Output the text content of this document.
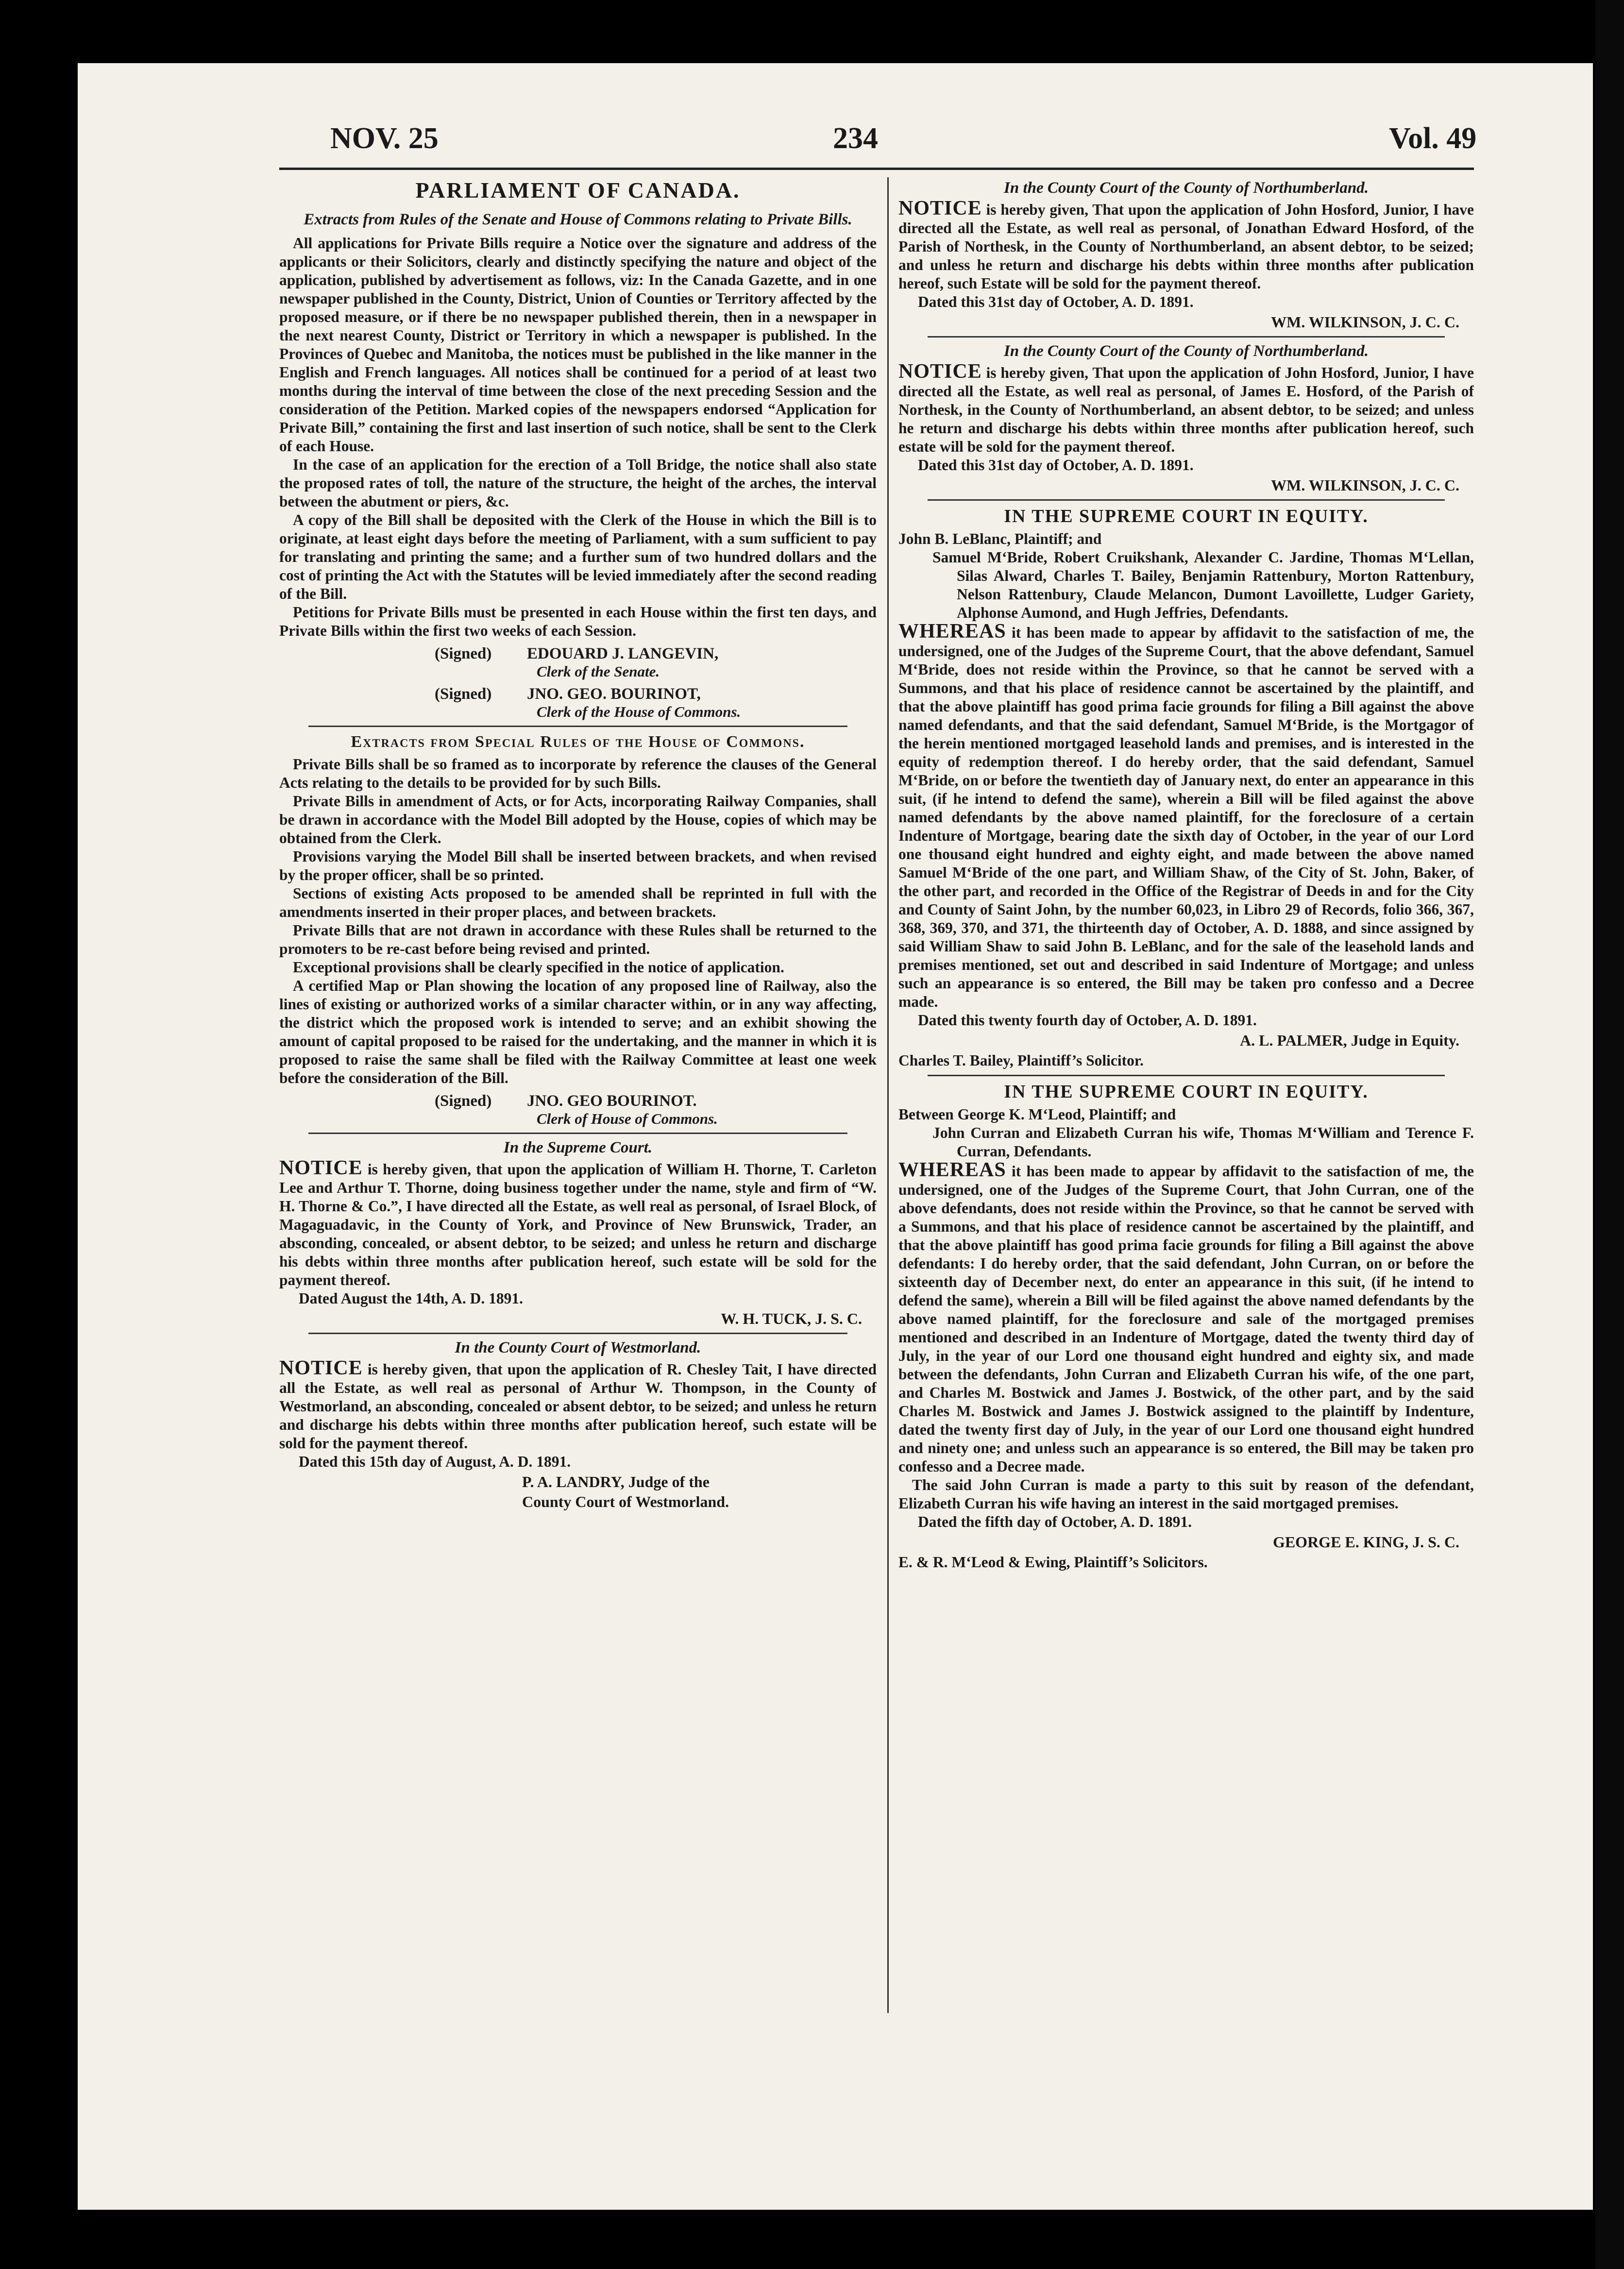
NOV. 25	234	Vol. 49
PARLIAMENT OF CANADA.
Extracts from Rules of the Senate and House of Commons relating to Private Bills.

All applications for Private Bills require a Notice over the signature and address of the applicants or their Solicitors, clearly and distinctly specifying the nature and object of the application, published by advertisement as follows, viz: In the Canada Gazette, and in one newspaper published in the County, District, Union of Counties or Territory affected by the proposed measure, or if there be no newspaper published therein, then in a newspaper in the next nearest County, District or Territory in which a newspaper is published. In the Provinces of Quebec and Manitoba, the notices must be published in the like manner in the English and French languages. All notices shall be continued for a period of at least two months during the interval of time between the close of the next preceding Session and the consideration of the Petition. Marked copies of the newspapers endorsed “Application for Private Bill,” containing the first and last insertion of such notice, shall be sent to the Clerk of each House.

In the case of an application for the erection of a Toll Bridge, the notice shall also state the proposed rates of toll, the nature of the structure, the height of the arches, the interval between the abutment or piers, &c.

A copy of the Bill shall be deposited with the Clerk of the House in which the Bill is to originate, at least eight days before the meeting of Parliament, with a sum sufficient to pay for translating and printing the same; and a further sum of two hundred dollars and the cost of printing the Act with the Statutes will be levied immediately after the second reading of the Bill.

Petitions for Private Bills must be presented in each House within the first ten days, and Private Bills within the first two weeks of each Session.

(Signed)	EDOUARD J. LANGEVIN,
Clerk of the Senate.
(Signed)	JNO. GEO. BOURINOT,
Clerk of the House of Commons.
Extracts from Special Rules of the House of Commons.

Private Bills shall be so framed as to incorporate by reference the clauses of the General Acts relating to the details to be provided for by such Bills.

Private Bills in amendment of Acts, or for Acts, incorporating Railway Companies, shall be drawn in accordance with the Model Bill adopted by the House, copies of which may be obtained from the Clerk.

Provisions varying the Model Bill shall be inserted between brackets, and when revised by the proper officer, shall be so printed.

Sections of existing Acts proposed to be amended shall be reprinted in full with the amendments inserted in their proper places, and between brackets.

Private Bills that are not drawn in accordance with these Rules shall be returned to the promoters to be re-cast before being revised and printed.

Exceptional provisions shall be clearly specified in the notice of application.

A certified Map or Plan showing the location of any proposed line of Railway, also the lines of existing or authorized works of a similar character within, or in any way affecting, the district which the proposed work is intended to serve; and an exhibit showing the amount of capital proposed to be raised for the undertaking, and the manner in which it is proposed to raise the same shall be filed with the Railway Committee at least one week before the consideration of the Bill.

(Signed)	JNO. GEO BOURINOT.
Clerk of House of Commons.
In the Supreme Court.

NOTICE is hereby given, that upon the application of William H. Thorne, T. Carleton Lee and Arthur T. Thorne, doing business together under the name, style and firm of “W. H. Thorne & Co.”, I have directed all the Estate, as well real as personal, of Israel Block, of Magaguadavic, in the County of York, and Province of New Brunswick, Trader, an absconding, concealed, or absent debtor, to be seized; and unless he return and discharge his debts within three months after publication hereof, such estate will be sold for the payment thereof.

Dated August the 14th, A. D. 1891.

W. H. TUCK, J. S. C.
In the County Court of Westmorland.

NOTICE is hereby given, that upon the application of R. Chesley Tait, I have directed all the Estate, as well real as personal of Arthur W. Thompson, in the County of Westmorland, an absconding, concealed or absent debtor, to be seized; and unless he return and discharge his debts within three months after publication hereof, such estate will be sold for the payment thereof.

Dated this 15th day of August, A. D. 1891.

P. A. LANDRY, Judge of the
County Court of Westmorland.
In the County Court of the County of Northumberland.

NOTICE is hereby given, That upon the application of John Hosford, Junior, I have directed all the Estate, as well real as personal, of Jonathan Edward Hosford, of the Parish of Northesk, in the County of Northumberland, an absent debtor, to be seized; and unless he return and discharge his debts within three months after publication hereof, such Estate will be sold for the payment thereof.

Dated this 31st day of October, A. D. 1891.

WM. WILKINSON, J. C. C.
In the County Court of the County of Northumberland.

NOTICE is hereby given, That upon the application of John Hosford, Junior, I have directed all the Estate, as well real as personal, of James E. Hosford, of the Parish of Northesk, in the County of Northumberland, an absent debtor, to be seized; and unless he return and discharge his debts within three months after publication hereof, such estate will be sold for the payment thereof.

Dated this 31st day of October, A. D. 1891.

WM. WILKINSON, J. C. C.
IN THE SUPREME COURT IN EQUITY.

John B. LeBlanc, Plaintiff; and

Samuel M‘Bride, Robert Cruikshank, Alexander C. Jardine, Thomas M‘Lellan, Silas Alward, Charles T. Bailey, Benjamin Rattenbury, Morton Rattenbury, Nelson Rattenbury, Claude Melancon, Dumont Lavoillette, Ludger Gariety, Alphonse Aumond, and Hugh Jeffries, Defendants.

WHEREAS it has been made to appear by affidavit to the satisfaction of me, the undersigned, one of the Judges of the Supreme Court, that the above defendant, Samuel M‘Bride, does not reside within the Province, so that he cannot be served with a Summons, and that his place of residence cannot be ascertained by the plaintiff, and that the above plaintiff has good prima facie grounds for filing a Bill against the above named defendants, and that the said defendant, Samuel M‘Bride, is the Mortgagor of the herein mentioned mortgaged leasehold lands and premises, and is interested in the equity of redemption thereof. I do hereby order, that the said defendant, Samuel M‘Bride, on or before the twentieth day of January next, do enter an appearance in this suit, (if he intend to defend the same), wherein a Bill will be filed against the above named defendants by the above named plaintiff, for the foreclosure of a certain Indenture of Mortgage, bearing date the sixth day of October, in the year of our Lord one thousand eight hundred and eighty eight, and made between the above named Samuel M‘Bride of the one part, and William Shaw, of the City of St. John, Baker, of the other part, and recorded in the Office of the Registrar of Deeds in and for the City and County of Saint John, by the number 60,023, in Libro 29 of Records, folio 366, 367, 368, 369, 370, and 371, the thirteenth day of October, A. D. 1888, and since assigned by said William Shaw to said John B. LeBlanc, and for the sale of the leasehold lands and premises mentioned, set out and described in said Indenture of Mortgage; and unless such an appearance is so entered, the Bill may be taken pro confesso and a Decree made.

Dated this twenty fourth day of October, A. D. 1891.

A. L. PALMER, Judge in Equity.

Charles T. Bailey, Plaintiff’s Solicitor.

IN THE SUPREME COURT IN EQUITY.

Between George K. M‘Leod, Plaintiff; and

John Curran and Elizabeth Curran his wife, Thomas M‘William and Terence F. Curran, Defendants.

WHEREAS it has been made to appear by affidavit to the satisfaction of me, the undersigned, one of the Judges of the Supreme Court, that John Curran, one of the above defendants, does not reside within the Province, so that he cannot be served with a Summons, and that his place of residence cannot be ascertained by the plaintiff, and that the above plaintiff has good prima facie grounds for filing a Bill against the above defendants: I do hereby order, that the said defendant, John Curran, on or before the sixteenth day of December next, do enter an appearance in this suit, (if he intend to defend the same), wherein a Bill will be filed against the above named defendants by the above named plaintiff, for the foreclosure and sale of the mortgaged premises mentioned and described in an Indenture of Mortgage, dated the twenty third day of July, in the year of our Lord one thousand eight hundred and eighty six, and made between the defendants, John Curran and Elizabeth Curran his wife, of the one part, and Charles M. Bostwick and James J. Bostwick, of the other part, and by the said Charles M. Bostwick and James J. Bostwick assigned to the plaintiff by Indenture, dated the twenty first day of July, in the year of our Lord one thousand eight hundred and ninety one; and unless such an appearance is so entered, the Bill may be taken pro confesso and a Decree made.

The said John Curran is made a party to this suit by reason of the defendant, Elizabeth Curran his wife having an interest in the said mortgaged premises.

Dated the fifth day of October, A. D. 1891.

GEORGE E. KING, J. S. C.

E. & R. M‘Leod & Ewing, Plaintiff’s Solicitors.
